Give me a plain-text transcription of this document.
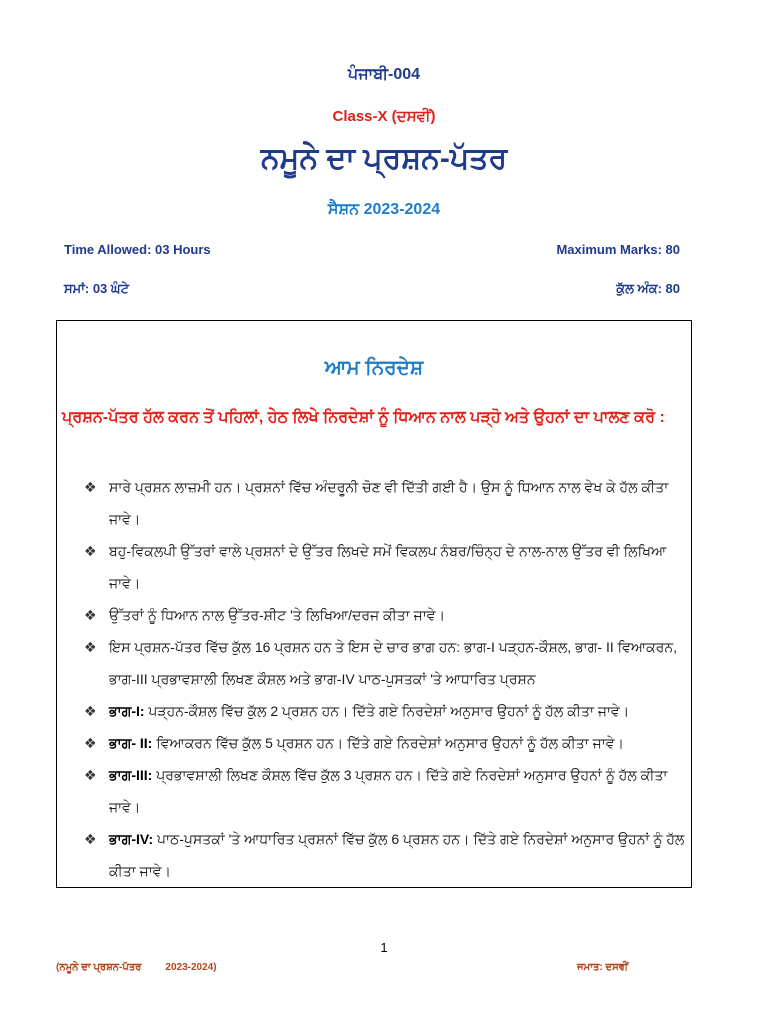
ਪੰਜਾਬੀ-004
Class-X (ਦਸਵੀਂ)
ਨਮੂਨੇ ਦਾ ਪ੍ਰਸ਼ਨ-ਪੱਤਰ
ਸੈਸ਼ਨ 2023-2024
Time Allowed: 03 Hours	Maximum Marks: 80
ਸਮਾਂ: 03 ਘੰਟੇ	ਕੁੱਲ ਅੰਕ: 80
ਆਮ ਨਿਰਦੇਸ਼
ਪ੍ਰਸ਼ਨ-ਪੱਤਰ ਹੱਲ ਕਰਨ ਤੋਂ ਪਹਿਲਾਂ, ਹੇਠ ਲਿਖੇ ਨਿਰਦੇਸ਼ਾਂ ਨੂੰ ਧਿਆਨ ਨਾਲ ਪੜ੍ਹੋ ਅਤੇ ਉਹਨਾਂ ਦਾ ਪਾਲਣ ਕਰੋ :
❖ ਸਾਰੇ ਪ੍ਰਸ਼ਨ ਲਾਜ਼ਮੀ ਹਨ। ਪ੍ਰਸ਼ਨਾਂ ਵਿੱਚ ਅੰਦਰੂਨੀ ਚੋਣ ਵੀ ਦਿੱਤੀ ਗਈ ਹੈ। ਉਸ ਨੂੰ ਧਿਆਨ ਨਾਲ ਵੇਖ ਕੇ ਹੱਲ ਕੀਤਾ ਜਾਵੇ।
❖ ਬਹੁ-ਵਿਕਲਪੀ ਉੱਤਰਾਂ ਵਾਲੇ ਪ੍ਰਸ਼ਨਾਂ ਦੇ ਉੱਤਰ ਲਿਖਦੇ ਸਮੇਂ ਵਿਕਲਪ ਨੰਬਰ/ਚਿੰਨ੍ਹ ਦੇ ਨਾਲ-ਨਾਲ ਉੱਤਰ ਵੀ ਲਿਖਿਆ ਜਾਵੇ।
❖ ਉੱਤਰਾਂ ਨੂੰ ਧਿਆਨ ਨਾਲ ਉੱਤਰ-ਸ਼ੀਟ 'ਤੇ ਲਿਖਿਆ/ਦਰਜ ਕੀਤਾ ਜਾਵੇ।
❖ ਇਸ ਪ੍ਰਸ਼ਨ-ਪੱਤਰ ਵਿੱਚ ਕੁੱਲ 16 ਪ੍ਰਸ਼ਨ ਹਨ ਤੇ ਇਸ ਦੇ ਚਾਰ ਭਾਗ ਹਨ: ਭਾਗ-I ਪੜ੍ਹਨ-ਕੌਸ਼ਲ, ਭਾਗ- II ਵਿਆਕਰਨ, ਭਾਗ-III ਪ੍ਰਭਾਵਸ਼ਾਲੀ ਲਿਖਣ ਕੌਸ਼ਲ ਅਤੇ ਭਾਗ-IV ਪਾਠ-ਪੁਸਤਕਾਂ 'ਤੇ ਆਧਾਰਿਤ ਪ੍ਰਸ਼ਨ
❖ ਭਾਗ-I: ਪੜ੍ਹਨ-ਕੌਸ਼ਲ ਵਿੱਚ ਕੁੱਲ 2 ਪ੍ਰਸ਼ਨ ਹਨ। ਦਿੱਤੇ ਗਏ ਨਿਰਦੇਸ਼ਾਂ ਅਨੁਸਾਰ ਉਹਨਾਂ ਨੂੰ ਹੱਲ ਕੀਤਾ ਜਾਵੇ।
❖ ਭਾਗ- II: ਵਿਆਕਰਨ ਵਿੱਚ ਕੁੱਲ 5 ਪ੍ਰਸ਼ਨ ਹਨ। ਦਿੱਤੇ ਗਏ ਨਿਰਦੇਸ਼ਾਂ ਅਨੁਸਾਰ ਉਹਨਾਂ ਨੂੰ ਹੱਲ ਕੀਤਾ ਜਾਵੇ।
❖ ਭਾਗ-III: ਪ੍ਰਭਾਵਸ਼ਾਲੀ ਲਿਖਣ ਕੌਸ਼ਲ ਵਿੱਚ ਕੁੱਲ 3 ਪ੍ਰਸ਼ਨ ਹਨ। ਦਿੱਤੇ ਗਏ ਨਿਰਦੇਸ਼ਾਂ ਅਨੁਸਾਰ ਉਹਨਾਂ ਨੂੰ ਹੱਲ ਕੀਤਾ ਜਾਵੇ।
❖ ਭਾਗ-IV: ਪਾਠ-ਪੁਸਤਕਾਂ 'ਤੇ ਆਧਾਰਿਤ ਪ੍ਰਸ਼ਨਾਂ ਵਿੱਚ ਕੁੱਲ 6 ਪ੍ਰਸ਼ਨ ਹਨ। ਦਿੱਤੇ ਗਏ ਨਿਰਦੇਸ਼ਾਂ ਅਨੁਸਾਰ ਉਹਨਾਂ ਨੂੰ ਹੱਲ ਕੀਤਾ ਜਾਵੇ।
1
(ਨਮੂਨੇ ਦਾ ਪ੍ਰਸ਼ਨ-ਪੱਤਰ 2023-2024)	ਜਮਾਤ: ਦਸਵੀਂ
